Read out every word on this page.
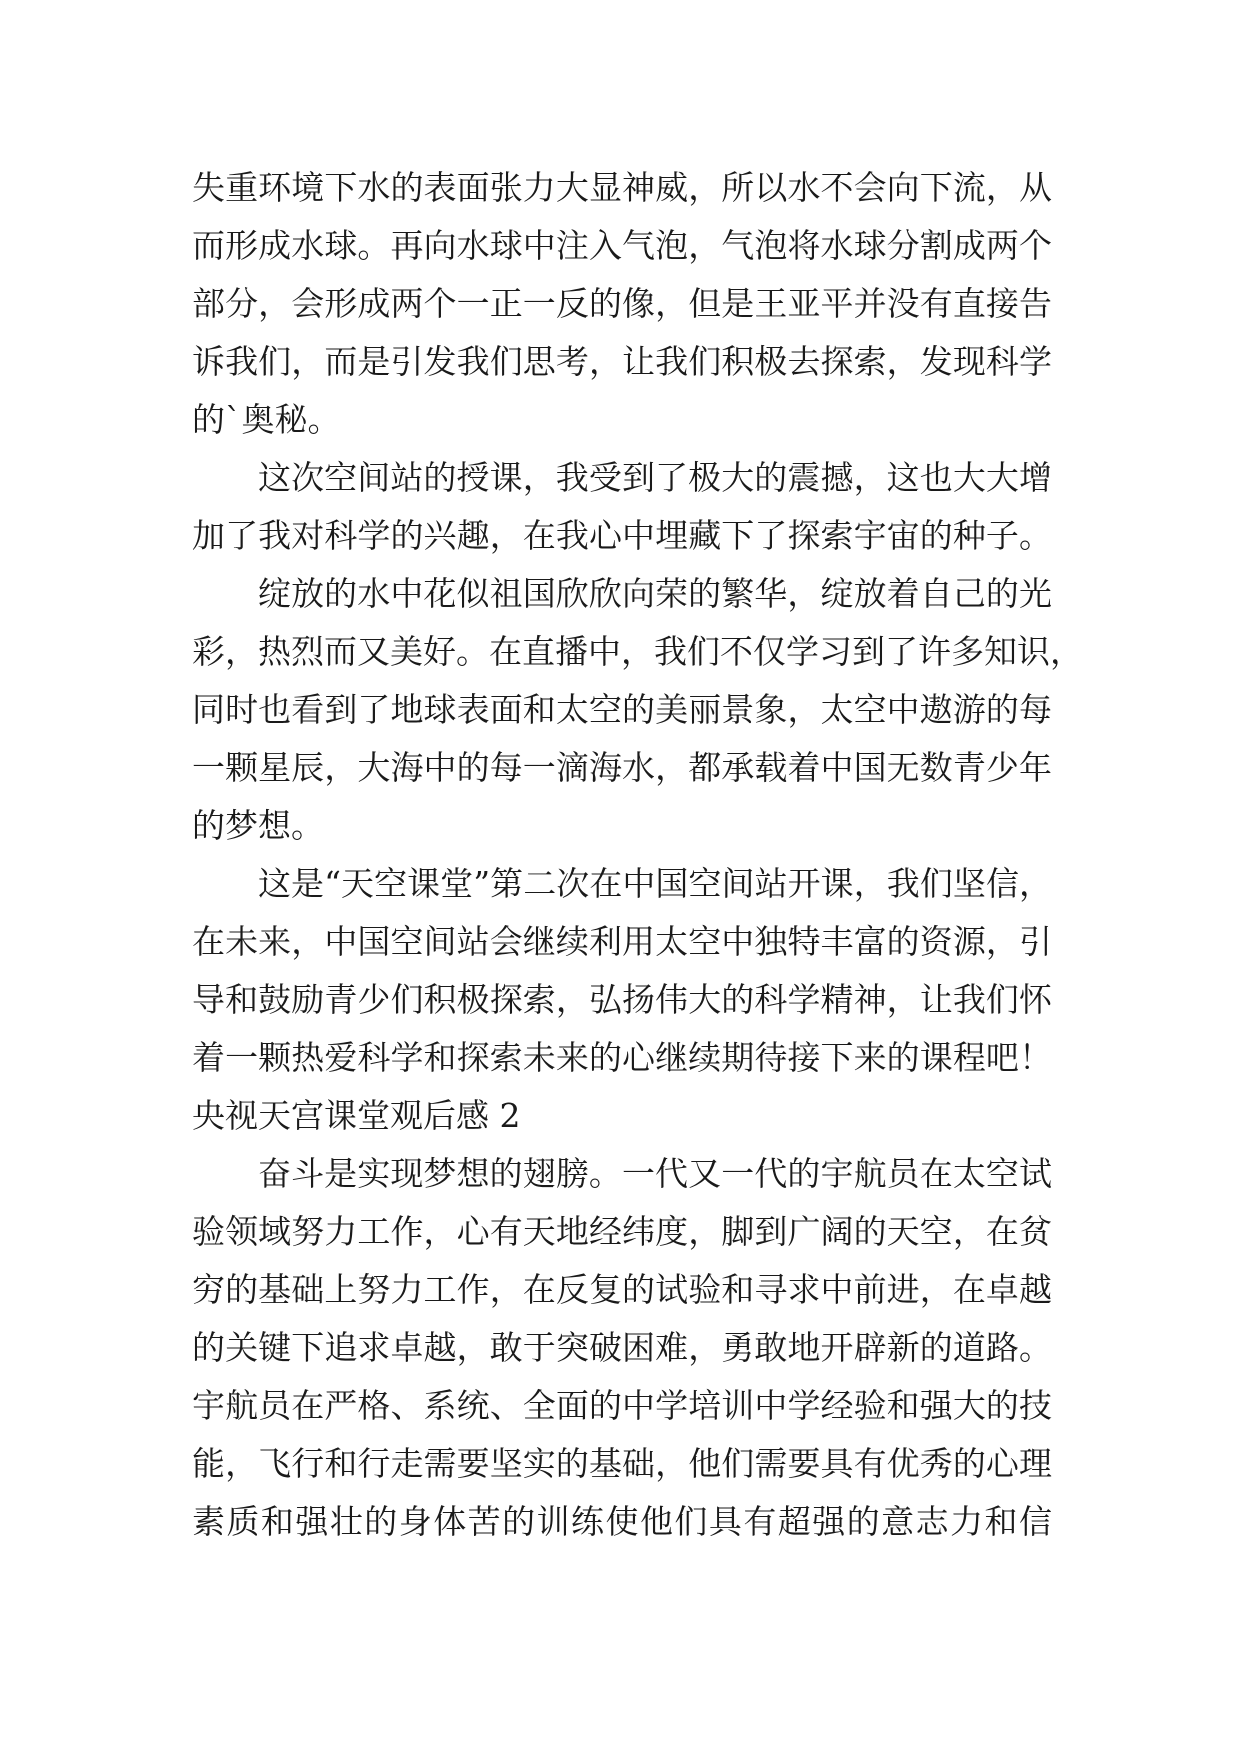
失重环境下水的表面张力大显神威，所以水不会向下流，从
而形成水球。再向水球中注入气泡，气泡将水球分割成两个
部分，会形成两个一正一反的像，但是王亚平并没有直接告
诉我们，而是引发我们思考，让我们积极去探索，发现科学
的`奥秘。
这次空间站的授课，我受到了极大的震撼，这也大大增
加了我对科学的兴趣，在我心中埋藏下了探索宇宙的种子。
绽放的水中花似祖国欣欣向荣的繁华，绽放着自己的光
彩，热烈而又美好。在直播中，我们不仅学习到了许多知识，
同时也看到了地球表面和太空的美丽景象，太空中遨游的每
一颗星辰，大海中的每一滴海水，都承载着中国无数青少年
的梦想。
这是“天空课堂”第二次在中国空间站开课，我们坚信，
在未来，中国空间站会继续利用太空中独特丰富的资源，引
导和鼓励青少们积极探索，弘扬伟大的科学精神，让我们怀
着一颗热爱科学和探索未来的心继续期待接下来的课程吧！
央视天宫课堂观后感 2
奋斗是实现梦想的翅膀。一代又一代的宇航员在太空试
验领域努力工作，心有天地经纬度，脚到广阔的天空，在贫
穷的基础上努力工作，在反复的试验和寻求中前进，在卓越
的关键下追求卓越，敢于突破困难，勇敢地开辟新的道路。
宇航员在严格、系统、全面的中学培训中学经验和强大的技
能，飞行和行走需要坚实的基础，他们需要具有优秀的心理
素质和强壮的身体苦的训练使他们具有超强的意志力和信
